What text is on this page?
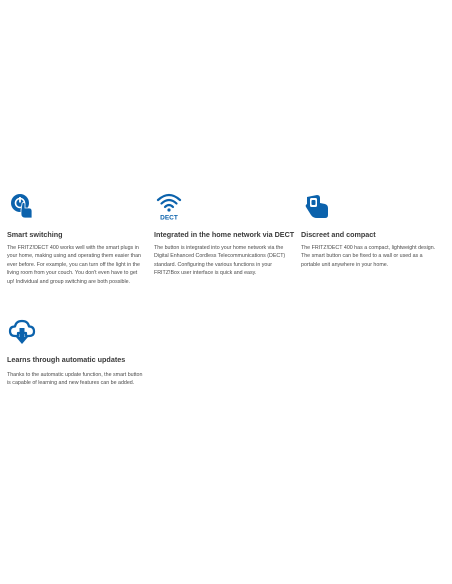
Smart switching

The FRITZ!DECT 400 works well with the smart plugs in your home, making using and operating them easier than ever before. For example, you can turn off the light in the living room from your couch. You don't even have to get up! Individual and group switching are both possible.

DECT
Integrated in the home network via DECT

The button is integrated into your home network via the Digital Enhanced Cordless Telecommunications (DECT) standard. Configuring the various functions in your FRITZ!Box user interface is quick and easy.

Discreet and compact

The FRITZ!DECT 400 has a compact, lightweight design. The smart button can be fixed to a wall or used as a portable unit anywhere in your home.

Learns through automatic updates

Thanks to the automatic update function, the smart button is capable of learning and new features can be added.
